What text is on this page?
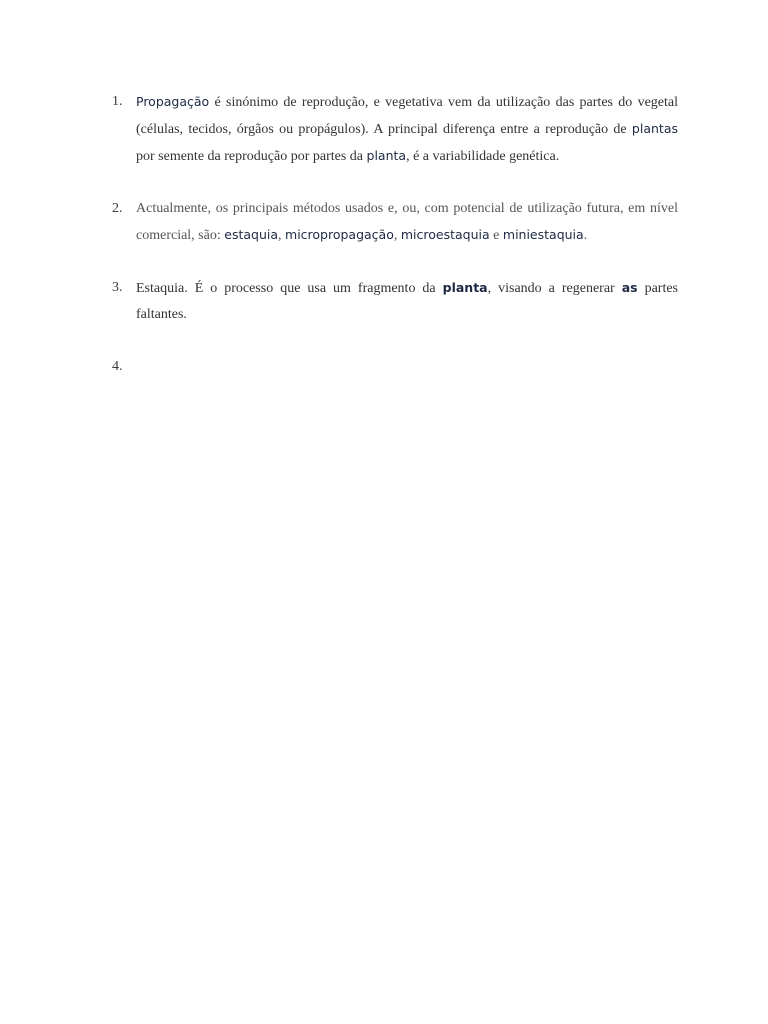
1. Propagação é sinónimo de reprodução, e vegetativa vem da utilização das partes do vegetal (células, tecidos, órgãos ou propágulos). A principal diferença entre a reprodução de plantas por semente da reprodução por partes da planta, é a variabilidade genética.

2. Actualmente, os principais métodos usados e, ou, com potencial de utilização futura, em nível comercial, são: estaquia, micropropagação, microestaquia e miniestaquia.

3. Estaquia. É o processo que usa um fragmento da planta, visando a regenerar as partes faltantes.

4.
